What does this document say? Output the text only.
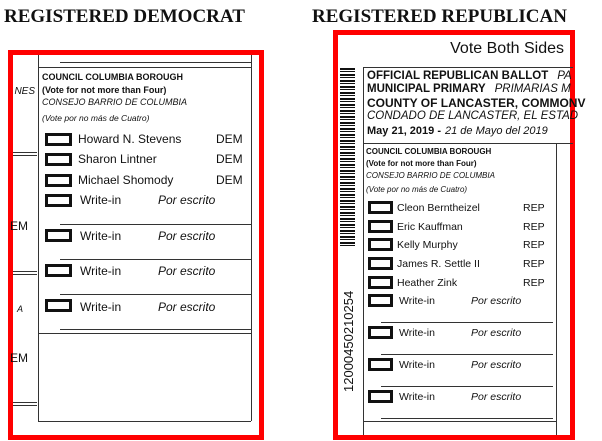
REGISTERED DEMOCRAT	REGISTERED REPUBLICAN
NES
EM
A
EM
COUNCIL COLUMBIA BOROUGH
(Vote for not more than Four)
CONSEJO BARRIO DE COLUMBIA
(Vote por no más de Cuatro)
Howard N. Stevens	DEM
Sharon Lintner	DEM
Michael Shomody	DEM
Write-in	Por escrito
Write-in	Por escrito
Write-in	Por escrito
Write-in	Por escrito
Vote Both Sides
12000450210254
OFFICIAL REPUBLICAN BALLOT PA
MUNICIPAL PRIMARY PRIMARIAS M
COUNTY OF LANCASTER, COMMONV
CONDADO DE LANCASTER, EL ESTAD
May 21, 2019 - 21 de Mayo del 2019
COUNCIL COLUMBIA BOROUGH
(Vote for not more than Four)
CONSEJO BARRIO DE COLUMBIA
(Vote por no más de Cuatro)
Cleon Berntheizel	REP
Eric Kauffman	REP
Kelly Murphy	REP
James R. Settle II	REP
Heather Zink	REP
Write-in	Por escrito
Write-in	Por escrito
Write-in	Por escrito
Write-in	Por escrito
